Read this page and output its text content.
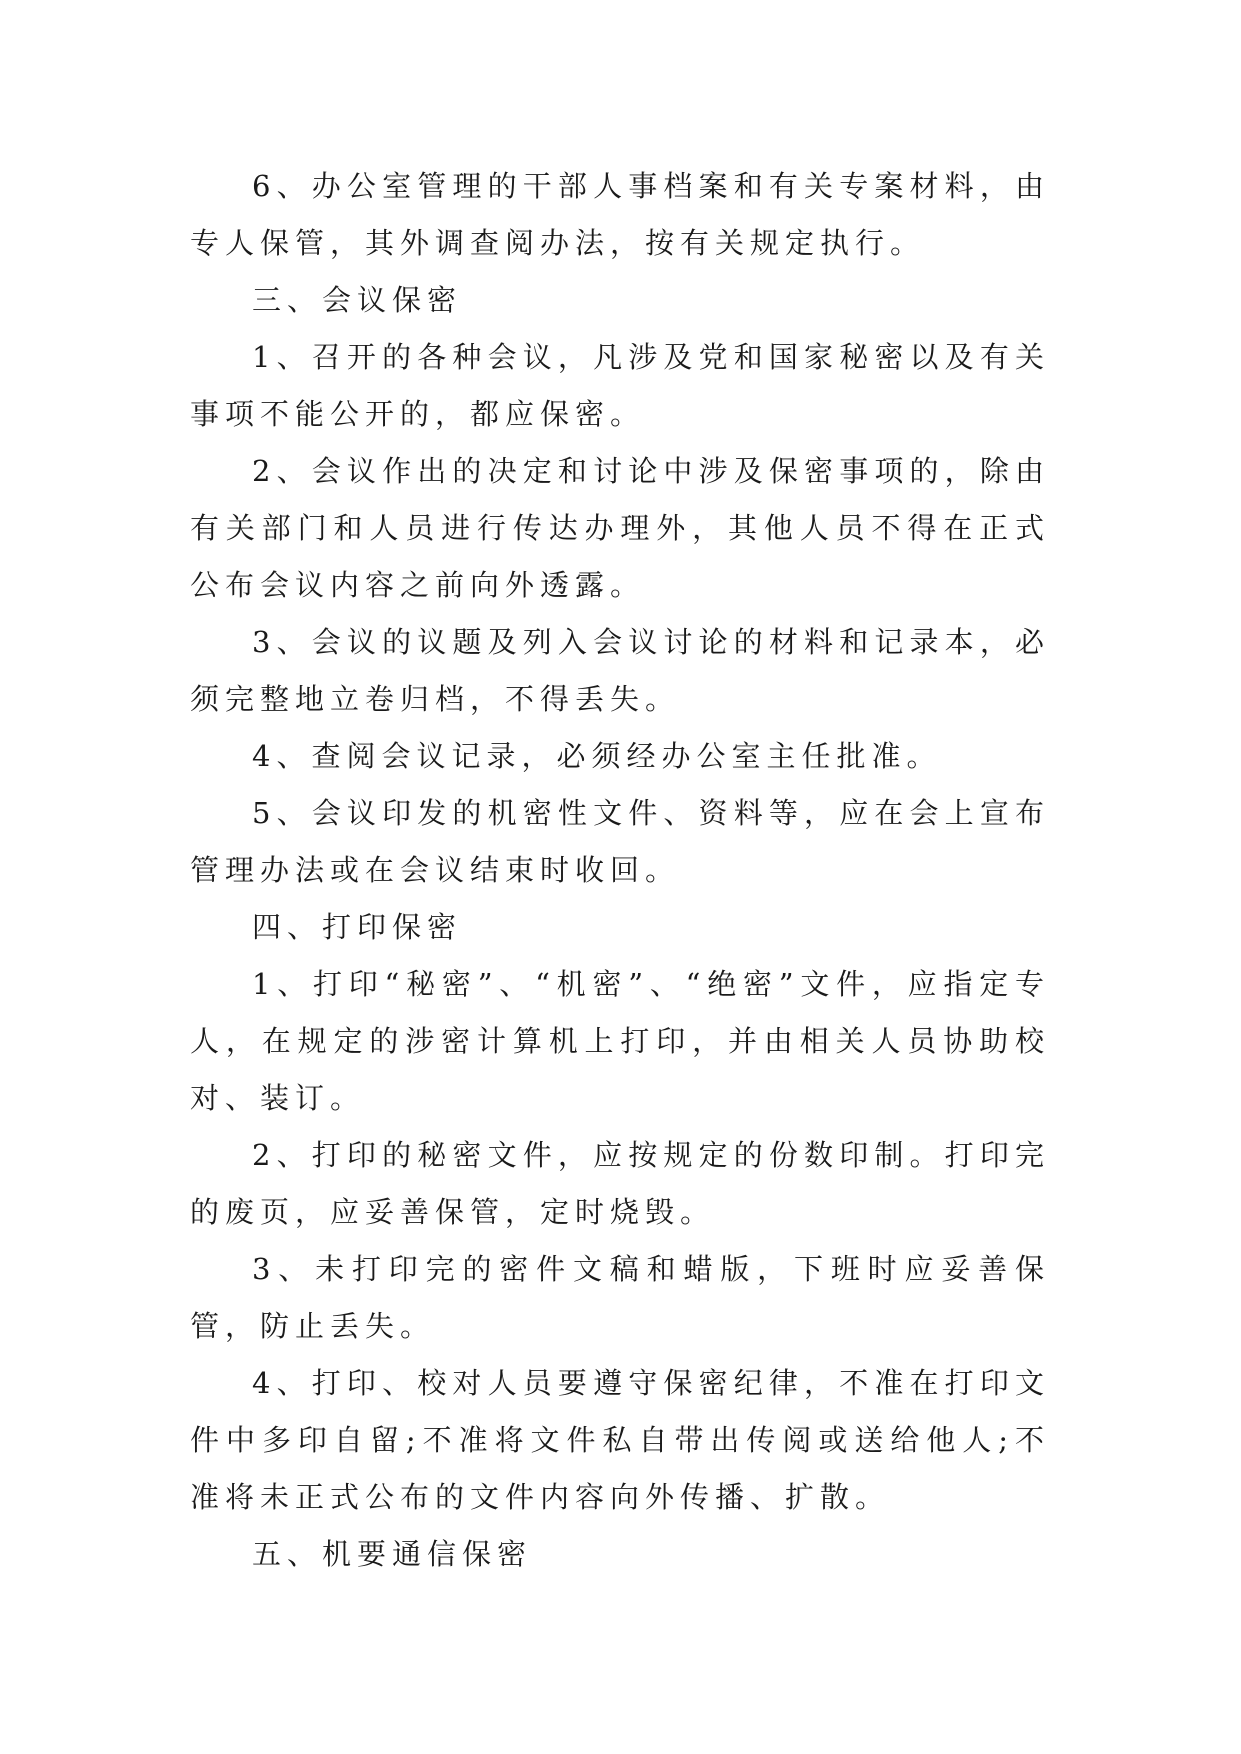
6、办公室管理的干部人事档案和有关专案材料，由专人保管，其外调查阅办法，按有关规定执行。

三、会议保密

1、召开的各种会议，凡涉及党和国家秘密以及有关事项不能公开的，都应保密。

2、会议作出的决定和讨论中涉及保密事项的，除由有关部门和人员进行传达办理外，其他人员不得在正式公布会议内容之前向外透露。

3、会议的议题及列入会议讨论的材料和记录本，必须完整地立卷归档，不得丢失。

4、查阅会议记录，必须经办公室主任批准。

5、会议印发的机密性文件、资料等，应在会上宣布管理办法或在会议结束时收回。

四、打印保密

1、打印“秘密”、“机密”、“绝密”文件，应指定专人，在规定的涉密计算机上打印，并由相关人员协助校对、装订。

2、打印的秘密文件，应按规定的份数印制。打印完的废页，应妥善保管，定时烧毁。

3、未打印完的密件文稿和蜡版，下班时应妥善保管，防止丢失。

4、打印、校对人员要遵守保密纪律，不准在打印文件中多印自留;不准将文件私自带出传阅或送给他人;不准将未正式公布的文件内容向外传播、扩散。

五、机要通信保密
